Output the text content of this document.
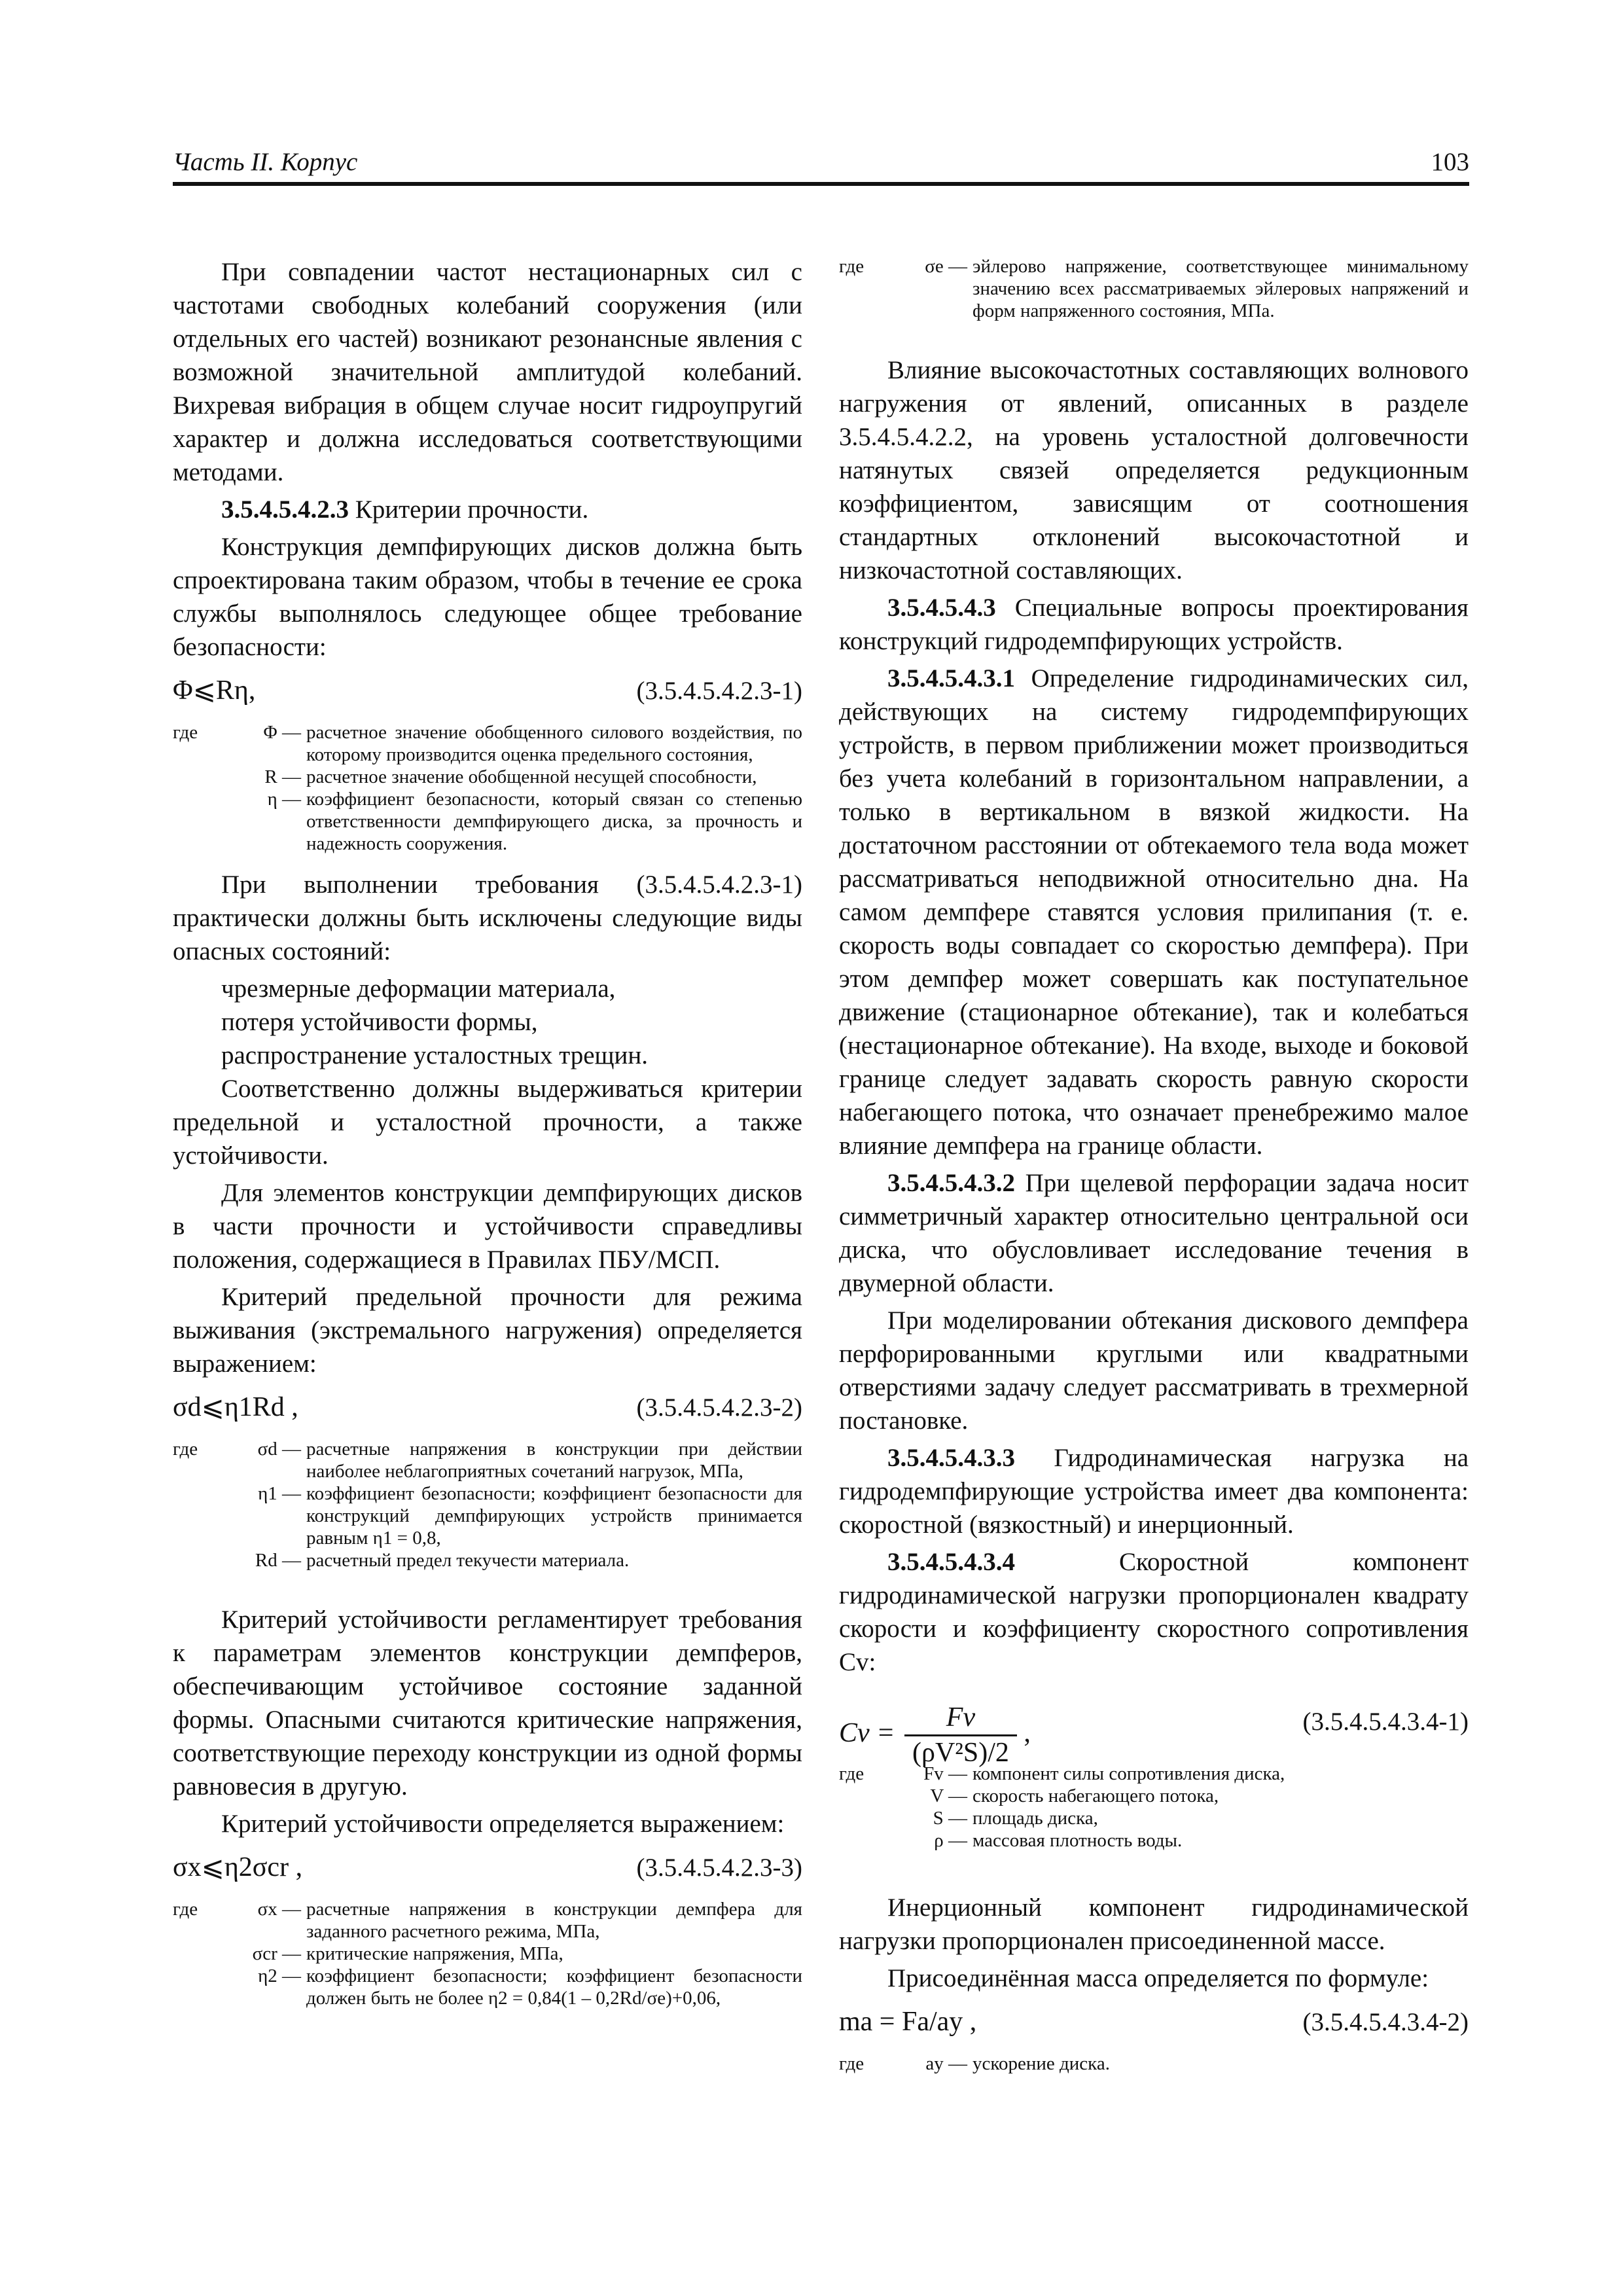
Часть II. Корпус	103

При совпадении частот нестационарных сил с частотами свободных колебаний сооружения (или отдельных его частей) возникают резонансные явления с возможной значительной амплитудой колебаний. Вихревая вибрация в общем случае носит гидроупругий характер и должна исследоваться соответствующими методами.

3.5.4.5.4.2.3 Критерии прочности.

Конструкция демпфирующих дисков должна быть спроектирована таким образом, чтобы в течение ее срока службы выполнялось следующее общее требование безопасности:

Φ⩽Rη,	(3.5.4.5.4.2.3-1)
где	Φ — расчетное значение обобщенного силового воздействия, по которому производится оценка предельного состояния,
R — расчетное значение обобщенной несущей способности,
η — коэффициент безопасности, который связан со степенью ответственности демпфирующего диска, за прочность и надежность сооружения.

При выполнении требования (3.5.4.5.4.2.3-1) практически должны быть исключены следующие виды опасных состояний:

чрезмерные деформации материала,

потеря устойчивости формы,

распространение усталостных трещин.

Соответственно должны выдерживаться критерии предельной и усталостной прочности, а также устойчивости.

Для элементов конструкции демпфирующих дисков в части прочности и устойчивости справедливы положения, содержащиеся в Правилах ПБУ/МСП.

Критерий предельной прочности для режима выживания (экстремального нагружения) определяется выражением:

σd⩽η1Rd ,	(3.5.4.5.4.2.3-2)
где	σd — расчетные напряжения в конструкции при действии наиболее неблагоприятных сочетаний нагрузок, МПа,
η1 — коэффициент безопасности; коэффициент безопасности для конструкций демпфирующих устройств принимается равным η1 = 0,8,
Rd — расчетный предел текучести материала.

Критерий устойчивости регламентирует требования к параметрам элементов конструкции демпферов, обеспечивающим устойчивое состояние заданной формы. Опасными считаются критические напряжения, соответствующие переходу конструкции из одной формы равновесия в другую.

Критерий устойчивости определяется выражением:

σx⩽η2σcr ,	(3.5.4.5.4.2.3-3)
где	σx — расчетные напряжения в конструкции демпфера для заданного расчетного режима, МПа,
σcr — критические напряжения, МПа,
η2 — коэффициент безопасности; коэффициент безопасности должен быть не более η2 = 0,84(1 – 0,2Rd/σe)+0,06,
где	σe — эйлерово напряжение, соответствующее минимальному значению всех рассматриваемых эйлеровых напряжений и форм напряженного состояния, МПа.

Влияние высокочастотных составляющих волнового нагружения от явлений, описанных в разделе 3.5.4.5.4.2.2, на уровень усталостной долговечности натянутых связей определяется редукционным коэффициентом, зависящим от соотношения стандартных отклонений высокочастотной и низкочастотной составляющих.

3.5.4.5.4.3 Специальные вопросы проектирования конструкций гидродемпфирующих устройств.

3.5.4.5.4.3.1 Определение гидродинамических сил, действующих на систему гидродемпфирующих устройств, в первом приближении может производиться без учета колебаний в горизонтальном направлении, а только в вертикальном в вязкой жидкости. На достаточном расстоянии от обтекаемого тела вода может рассматриваться неподвижной относительно дна. На самом демпфере ставятся условия прилипания (т. е. скорость воды совпадает со скоростью демпфера). При этом демпфер может совершать как поступательное движение (стационарное обтекание), так и колебаться (нестационарное обтекание). На входе, выходе и боковой границе следует задавать скорость равную скорости набегающего потока, что означает пренебрежимо малое влияние демпфера на границе области.

3.5.4.5.4.3.2 При щелевой перфорации задача носит симметричный характер относительно центральной оси диска, что обусловливает исследование течения в двумерной области.

При моделировании обтекания дискового демпфера перфорированными круглыми или квадратными отверстиями задачу следует рассматривать в трехмерной постановке.

3.5.4.5.4.3.3 Гидродинамическая нагрузка на гидродемпфирующие устройства имеет два компонента: скоростной (вязкостный) и инерционный.

3.5.4.5.4.3.4 Скоростной компонент гидродинамической нагрузки пропорционален квадрату скорости и коэффициенту скоростного сопротивления Cv:

$Cv = \frac{Fv}{\text{(ρV²S)/2}}$ ,	(3.5.4.5.4.3.4-1)
где	Fv — компонент силы сопротивления диска,
V — скорость набегающего потока,
S — площадь диска,
ρ — массовая плотность воды.

Инерционный компонент гидродинамической нагрузки пропорционален присоединенной массе.

Присоединённая масса определяется по формуле:

ma = Fa/ay ,	(3.5.4.5.4.3.4-2)
где	ay — ускорение диска.
